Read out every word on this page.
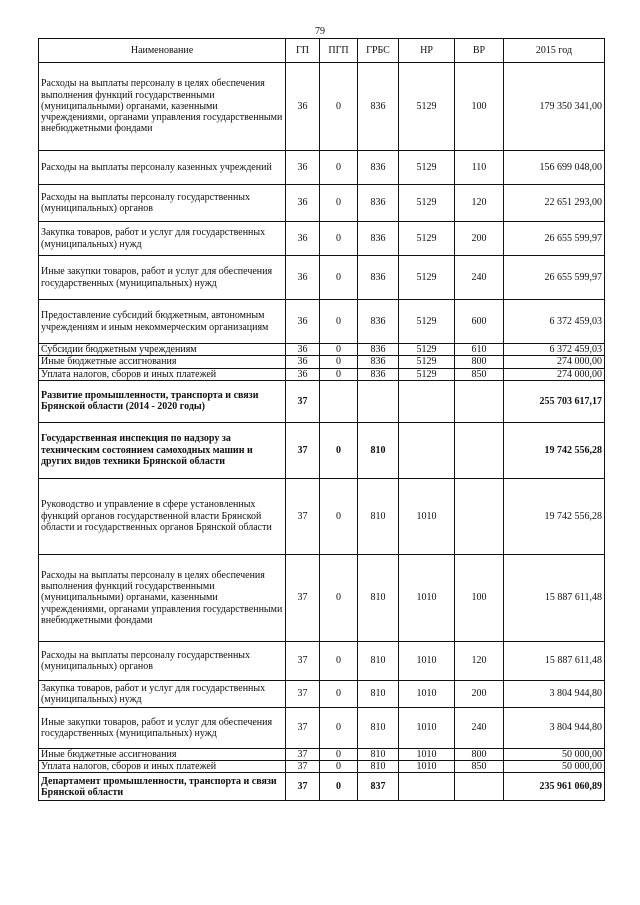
79
Наименование	ГП	ПГП	ГРБС	НР	ВР	2015 год
Расходы на выплаты персоналу в целях обеспечения выполнения функций государственными (муниципальными) органами, казенными учреждениями, органами управления государственными внебюджетными фондами	36	0	836	5129	100	179 350 341,00
Расходы на выплаты персоналу казенных учреждений	36	0	836	5129	110	156 699 048,00
Расходы на выплаты персоналу государственных (муниципальных) органов	36	0	836	5129	120	22 651 293,00
Закупка товаров, работ и услуг для государственных (муниципальных) нужд	36	0	836	5129	200	26 655 599,97
Иные закупки товаров, работ и услуг для обеспечения государственных (муниципальных) нужд	36	0	836	5129	240	26 655 599,97
Предоставление субсидий бюджетным, автономным учреждениям и иным некоммерческим организациям	36	0	836	5129	600	6 372 459,03
Субсидии бюджетным учреждениям	36	0	836	5129	610	6 372 459,03
Иные бюджетные ассигнования	36	0	836	5129	800	274 000,00
Уплата налогов, сборов и иных платежей	36	0	836	5129	850	274 000,00
Развитие промышленности, транспорта и связи Брянской области (2014 - 2020 годы)	37					255 703 617,17
Государственная инспекция по надзору за техническим состоянием самоходных машин и других видов техники Брянской области	37	0	810			19 742 556,28
Руководство и управление в сфере установленных функций органов государственной власти Брянской области и государственных органов Брянской области	37	0	810	1010		19 742 556,28
Расходы на выплаты персоналу в целях обеспечения выполнения функций государственными (муниципальными) органами, казенными учреждениями, органами управления государственными внебюджетными фондами	37	0	810	1010	100	15 887 611,48
Расходы на выплаты персоналу государственных (муниципальных) органов	37	0	810	1010	120	15 887 611,48
Закупка товаров, работ и услуг для государственных (муниципальных) нужд	37	0	810	1010	200	3 804 944,80
Иные закупки товаров, работ и услуг для обеспечения государственных (муниципальных) нужд	37	0	810	1010	240	3 804 944,80
Иные бюджетные ассигнования	37	0	810	1010	800	50 000,00
Уплата налогов, сборов и иных платежей	37	0	810	1010	850	50 000,00
Департамент промышленности, транспорта и связи Брянской области	37	0	837			235 961 060,89
